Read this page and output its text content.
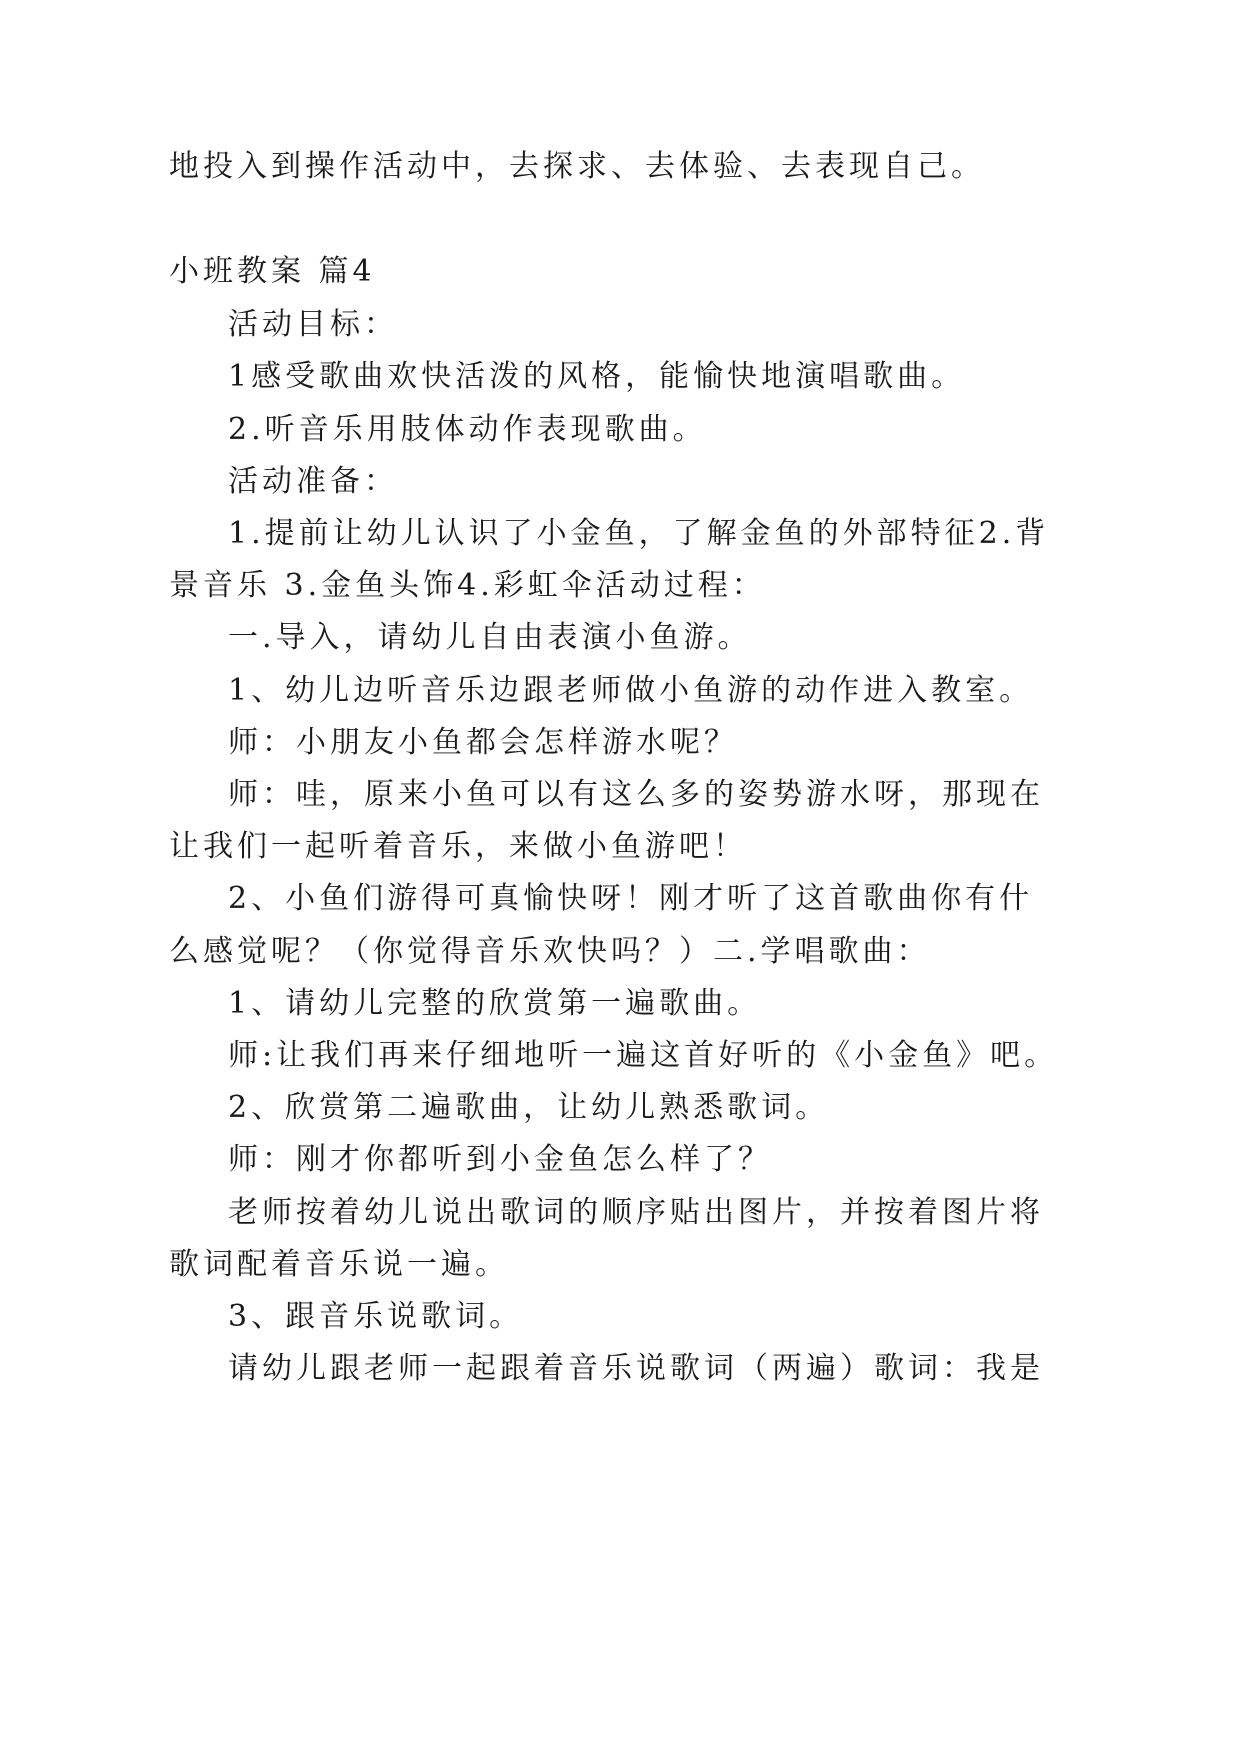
地投入到操作活动中，去探求、去体验、去表现自己。

小班教案 篇4

活动目标：

1感受歌曲欢快活泼的风格，能愉快地演唱歌曲。

2.听音乐用肢体动作表现歌曲。

活动准备：

1.提前让幼儿认识了小金鱼，了解金鱼的外部特征2.背

景音乐 3.金鱼头饰4.彩虹伞活动过程：

一.导入，请幼儿自由表演小鱼游。

1、幼儿边听音乐边跟老师做小鱼游的动作进入教室。

师：小朋友小鱼都会怎样游水呢？

师：哇，原来小鱼可以有这么多的姿势游水呀，那现在

让我们一起听着音乐，来做小鱼游吧！

2、小鱼们游得可真愉快呀！刚才听了这首歌曲你有什

么感觉呢？（你觉得音乐欢快吗？）二.学唱歌曲：

1、请幼儿完整的欣赏第一遍歌曲。

师:让我们再来仔细地听一遍这首好听的《小金鱼》吧。

2、欣赏第二遍歌曲，让幼儿熟悉歌词。

师：刚才你都听到小金鱼怎么样了？

老师按着幼儿说出歌词的顺序贴出图片，并按着图片将

歌词配着音乐说一遍。

3、跟音乐说歌词。

请幼儿跟老师一起跟着音乐说歌词（两遍）歌词：我是
